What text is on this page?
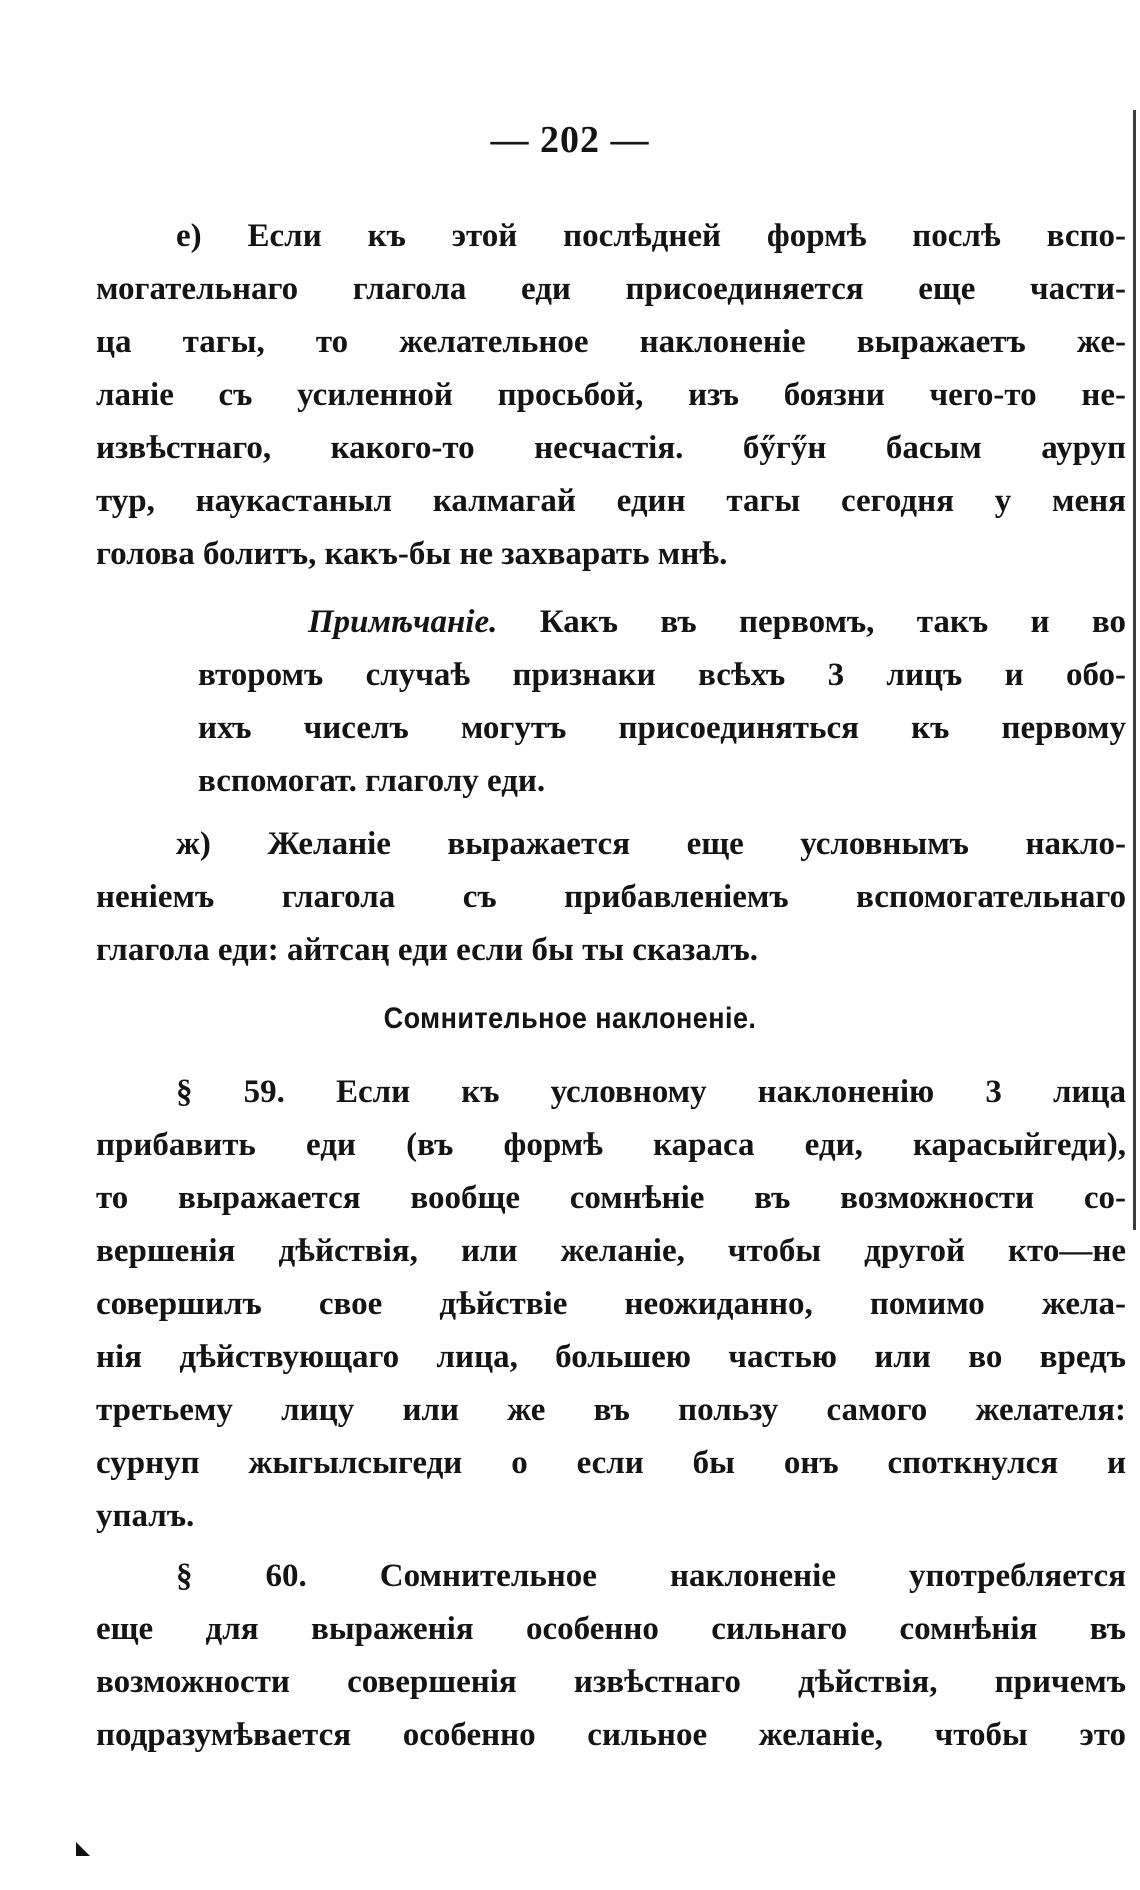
— 202 —
е) Если къ этой послѣдней формѣ послѣ вспо-
могательнаго глагола еди присоединяется еще части-
ца тагы, то желательное наклоненіе выражаетъ же-
ланіе съ усиленной просьбой, изъ боязни чего-то не-
извѣстнаго, какого-то несчастія. бӳгӳн басым ауруп
тур, наукастаныл калмагай един тагы сегодня у меня
голова болитъ, какъ-бы не захварать мнѣ.
Примѣчаніе. Какъ въ первомъ, такъ и во
второмъ случаѣ признаки всѣхъ 3 лицъ и обо-
ихъ чиселъ могутъ присоединяться къ первому
вспомогат. глаголу еди.
ж) Желаніе выражается еще условнымъ накло-
неніемъ глагола съ прибавленіемъ вспомогательнаго
глагола еди: айтсаң еди если бы ты сказалъ.
Сомнительное наклоненіе.
§ 59. Если къ условному наклоненію 3 лица
прибавить еди (въ формѣ караса еди, карасыйгеди),
то выражается вообще сомнѣніе въ возможности со-
вершенія дѣйствія, или желаніе, чтобы другой кто—не
совершилъ свое дѣйствіе неожиданно, помимо жела-
нія дѣйствующаго лица, большею частью или во вредъ
третьему лицу или же въ пользу самого желателя:
сурнуп жыгылсыгеди о если бы онъ споткнулся и
упалъ.
§ 60. Сомнительное наклоненіе употребляется
еще для выраженія особенно сильнаго сомнѣнія въ
возможности совершенія извѣстнаго дѣйствія, причемъ
подразумѣвается особенно сильное желаніе, чтобы это
